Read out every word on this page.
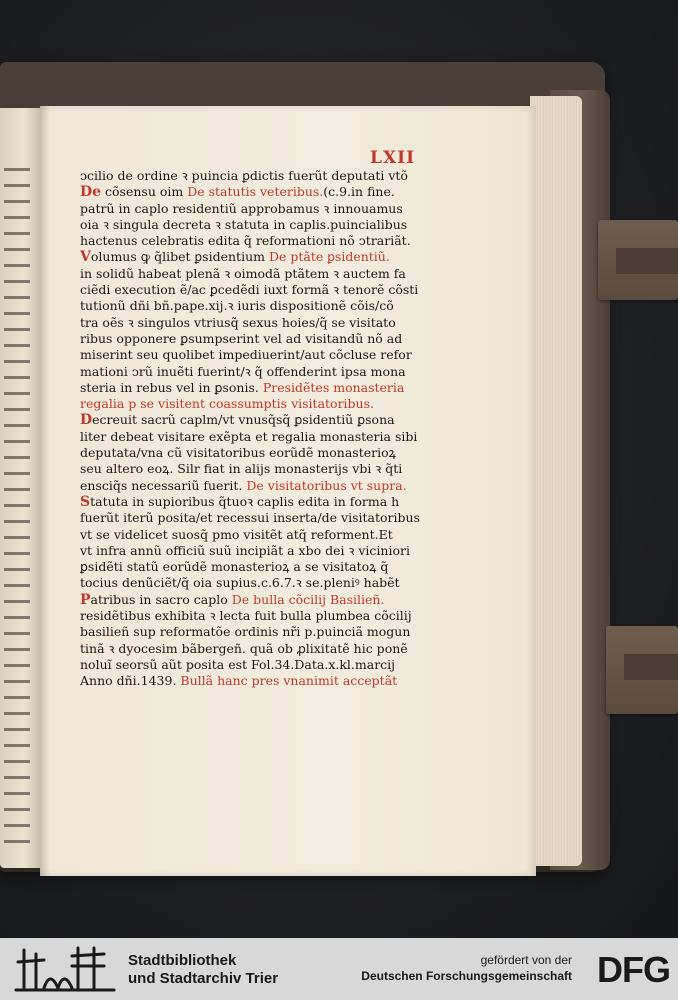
LXII
ↄcilio de ordine ꝛ puincia ꝑdictis fuerũt deputati vtõ
De cõsensu oim De statutis veteribus.(c.9.in fine.
patrũ in caplo residentiũ approbamus ꝛ innouamus
oia ꝛ singula decreta ꝛ statuta in caplis.puincialibus
hactenus celebratis edita q̃ reformationi nõ ↄtrariãt.
Volumus ꝙ q̃libet ꝑsidentium De ptãte ꝑsidentiũ.
in solidũ habeat plenã ꝛ oimodã ptãtem ꝛ auctem fa
ciẽdi execution ẽ/ac ꝑcedẽdi iuxt formã ꝛ tenorẽ cõsti
tutionũ dñi bñ.pape.xij.ꝛ iuris dispositionẽ cõis/cõ
tra oẽs ꝛ singulos vtriusq̃ sexus hoies/q̃ se visitato
ribus opponere ꝑsumpserint vel ad visitandũ nõ ad
miserint seu quolibet impediuerint/aut cõcluse refor
mationi ↄrũ inuẽti fuerint/ꝛ q̃ offenderint ipsa mona
steria in rebus vel in ꝑsonis. Presidẽtes monasteria
regalia p se visitent coassumptis visitatoribus.
Decreuit sacrũ caplm/vt vnusq̃sq̃ ꝑsidentiũ ꝑsona
liter debeat visitare exẽpta et regalia monasteria sibi
deputata/vna cũ visitatoribus eorũdẽ monasterioꝝ
seu altero eoꝝ. Silr fiat in alijs monasterijs vbi ꝛ q̃ti
ensciq̃s necessariũ fuerit. De visitatoribus vt supra.
Statuta in supioribus q̃tuoꝛ caplis edita in forma h
fuerũt iterũ posita/et recessui inserta/de visitatoribus
vt se videlicet suosq̃ pmo visitẽt atq̃ reforment.Et
vt infra annũ officiũ suũ incipiãt a xbo dei ꝛ viciniori
ꝑsidẽti statũ eorũdẽ monasterioꝝ a se visitatoꝝ q̃
tocius denũciẽt/q̃ oia supius.c.6.7.ꝛ se.pleniꝰ habẽt
Patribus in sacro caplo De bulla cõcilij Basilieñ.
residẽtibus exhibita ꝛ lecta fuit bulla plumbea cõcilij
basilieñ sup reformatõe ordinis nr̃i p.puinciã mogun
tinã ꝛ dyocesim bãbergeñ. quã ob ꝓlixitatẽ hic ponẽ
noluĩ seorsũ aũt posita est Fol.34.Data.x.kl.marcij
Anno dñi.1439. Bullã hanc pres vnanimit acceptãt
Stadtbibliothek
und Stadtarchiv Trier
gefördert von der
Deutschen Forschungsgemeinschaft DFG
